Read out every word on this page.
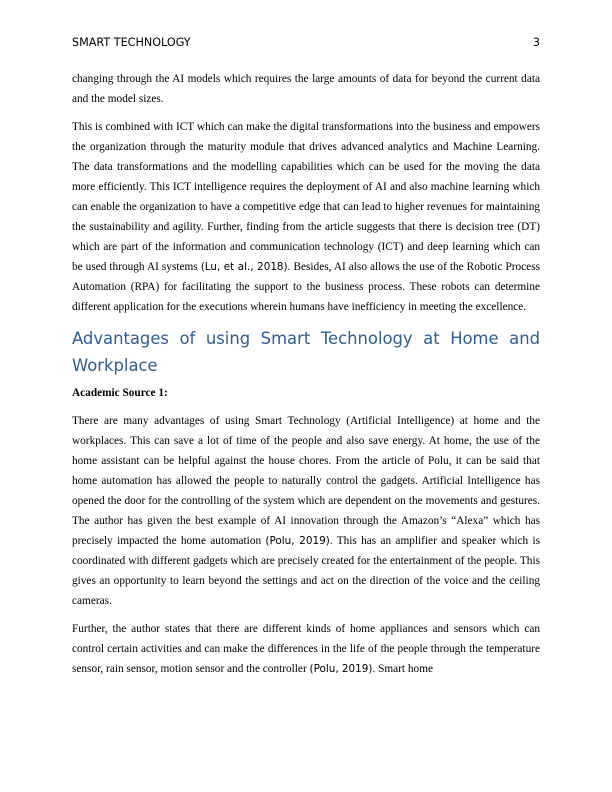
SMART TECHNOLOGY	3

changing through the AI models which requires the large amounts of data for beyond the current data and the model sizes.

This is combined with ICT which can make the digital transformations into the business and empowers the organization through the maturity module that drives advanced analytics and Machine Learning. The data transformations and the modelling capabilities which can be used for the moving the data more efficiently. This ICT intelligence requires the deployment of AI and also machine learning which can enable the organization to have a competitive edge that can lead to higher revenues for maintaining the sustainability and agility. Further, finding from the article suggests that there is decision tree (DT) which are part of the information and communication technology (ICT) and deep learning which can be used through AI systems (Lu, et al., 2018). Besides, AI also allows the use of the Robotic Process Automation (RPA) for facilitating the support to the business process. These robots can determine different application for the executions wherein humans have inefficiency in meeting the excellence.

Advantages of using Smart Technology at Home and Workplace
Academic Source 1:

There are many advantages of using Smart Technology (Artificial Intelligence) at home and the workplaces. This can save a lot of time of the people and also save energy. At home, the use of the home assistant can be helpful against the house chores. From the article of Polu, it can be said that home automation has allowed the people to naturally control the gadgets. Artificial Intelligence has opened the door for the controlling of the system which are dependent on the movements and gestures. The author has given the best example of AI innovation through the Amazon’s “Alexa” which has precisely impacted the home automation (Polu, 2019). This has an amplifier and speaker which is coordinated with different gadgets which are precisely created for the entertainment of the people. This gives an opportunity to learn beyond the settings and act on the direction of the voice and the ceiling cameras.

Further, the author states that there are different kinds of home appliances and sensors which can control certain activities and can make the differences in the life of the people through the temperature sensor, rain sensor, motion sensor and the controller (Polu, 2019). Smart home
